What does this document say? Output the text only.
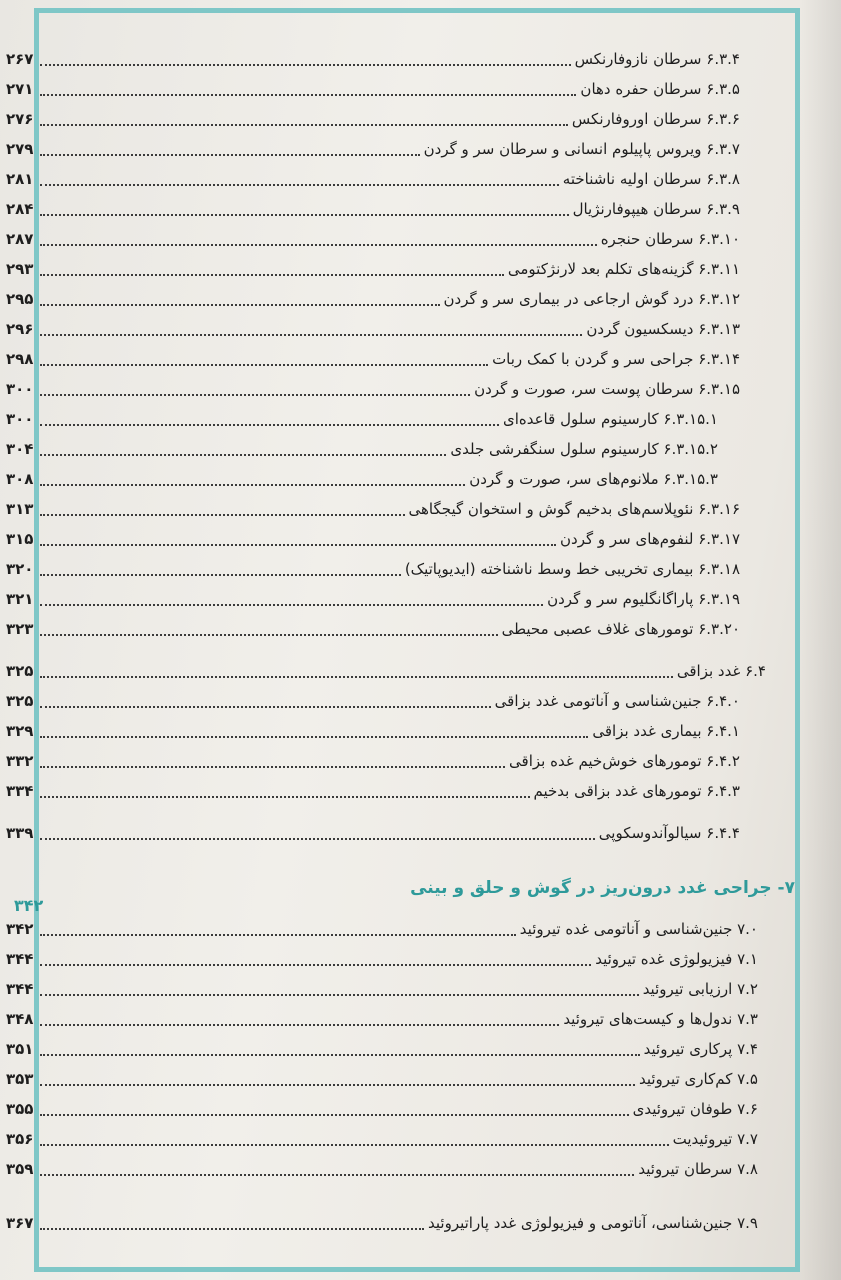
۶.۳.۴ سرطان نازوفارنکس
۲۶۷
۶.۳.۵ سرطان حفره دهان
۲۷۱
۶.۳.۶ سرطان اوروفارنکس
۲۷۶
۶.۳.۷ ویروس پاپیلوم انسانی و سرطان سر و گردن
۲۷۹
۶.۳.۸ سرطان اولیه ناشناخته
۲۸۱
۶.۳.۹ سرطان هیپوفارنژیال
۲۸۴
۶.۳.۱۰ سرطان حنجره
۲۸۷
۶.۳.۱۱ گزینه‌های تکلم بعد لارنژکتومی
۲۹۳
۶.۳.۱۲ درد گوش ارجاعی در بیماری سر و گردن
۲۹۵
۶.۳.۱۳ دیسکسیون گردن
۲۹۶
۶.۳.۱۴ جراحی سر و گردن با کمک ربات
۲۹۸
۶.۳.۱۵ سرطان پوست سر، صورت و گردن
۳۰۰
۶.۳.۱۵.۱ کارسینوم سلول قاعده‌ای
۳۰۰
۶.۳.۱۵.۲ کارسینوم سلول سنگفرشی جلدی
۳۰۴
۶.۳.۱۵.۳ ملانوم‌های سر، صورت و گردن
۳۰۸
۶.۳.۱۶ نئوپلاسم‌های بدخیم گوش و استخوان گیجگاهی
۳۱۳
۶.۳.۱۷ لنفوم‌های سر و گردن
۳۱۵
۶.۳.۱۸ بیماری تخریبی خط وسط ناشناخته (ایدیوپاتیک)
۳۲۰
۶.۳.۱۹ پاراگانگلیوم سر و گردن
۳۲۱
۶.۳.۲۰ تومورهای غلاف عصبی محیطی
۳۲۳
۶.۴ غدد بزاقی
۳۲۵
۶.۴.۰ جنین‌شناسی و آناتومی غدد بزاقی
۳۲۵
۶.۴.۱ بیماری غدد بزاقی
۳۲۹
۶.۴.۲ تومورهای خوش‌خیم غده بزاقی
۳۳۲
۶.۴.۳ تومورهای غدد بزاقی بدخیم
۳۳۴
۶.۴.۴ سیالوآندوسکوپی
۳۳۹
۷- جراحی غدد درون‌ریز در گوش و حلق و بینی
۳۴۲
۷.۰ جنین‌شناسی و آناتومی غده تیروئید
۳۴۲
۷.۱ فیزیولوژی غده تیروئید
۳۴۴
۷.۲ ارزیابی تیروئید
۳۴۴
۷.۳ ندول‌ها و کیست‌های تیروئید
۳۴۸
۷.۴ پرکاری تیروئید
۳۵۱
۷.۵ کم‌کاری تیروئید
۳۵۳
۷.۶ طوفان تیروئیدی
۳۵۵
۷.۷ تیروئیدیت
۳۵۶
۷.۸ سرطان تیروئید
۳۵۹
۷.۹ جنین‌شناسی، آناتومی و فیزیولوژی غدد پاراتیروئید
۳۶۷
